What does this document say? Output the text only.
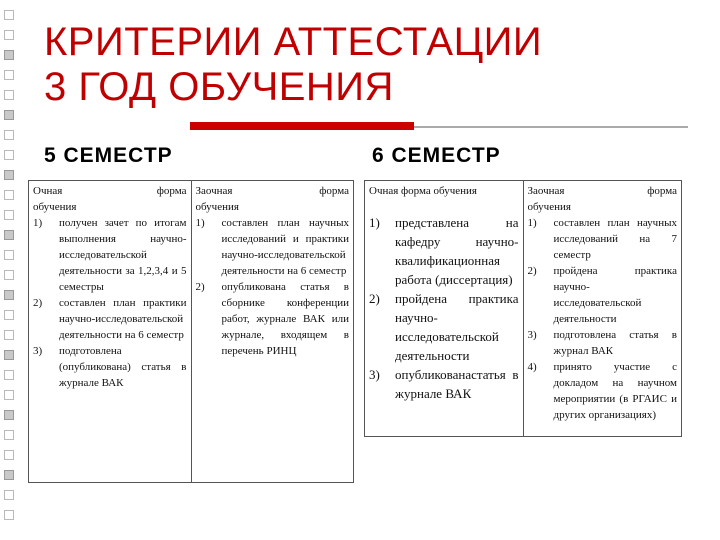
КРИТЕРИИ АТТЕСТАЦИИ
3 ГОД ОБУЧЕНИЯ
5 СЕМЕСТР	6 СЕМЕСТР
Очная	форма
обучения
1)	получен зачет по итогам выполнения научно-исследовательской деятельности за 1,2,3,4 и 5 семестры
2)	составлен план практики научно-исследовательской деятельности на 6 семестр
3)	подготовлена (опубликована) статья в журнале ВАК

Заочная	форма
обучения
1)	составлен план научных исследований и практики научно-исследовательской деятельности на 6 семестр
2)	опубликована статья в сборнике конференции работ, журнале ВАК или журнале, входящем в перечень РИНЦ
Очная форма обучения
1)	представлена на кафедру научно-квалификационная работа (диссертация)
2)	пройдена практика научно-исследовательской деятельности
3)	опубликованастатья в журнале ВАК

Заочная	форма
обучения
1)	составлен план научных исследований на 7 семестр
2)	пройдена практика научно-исследовательской деятельности
3)	подготовлена статья в журнал ВАК
4)	принято участие с докладом на научном мероприятии (в РГАИС и других организациях)
